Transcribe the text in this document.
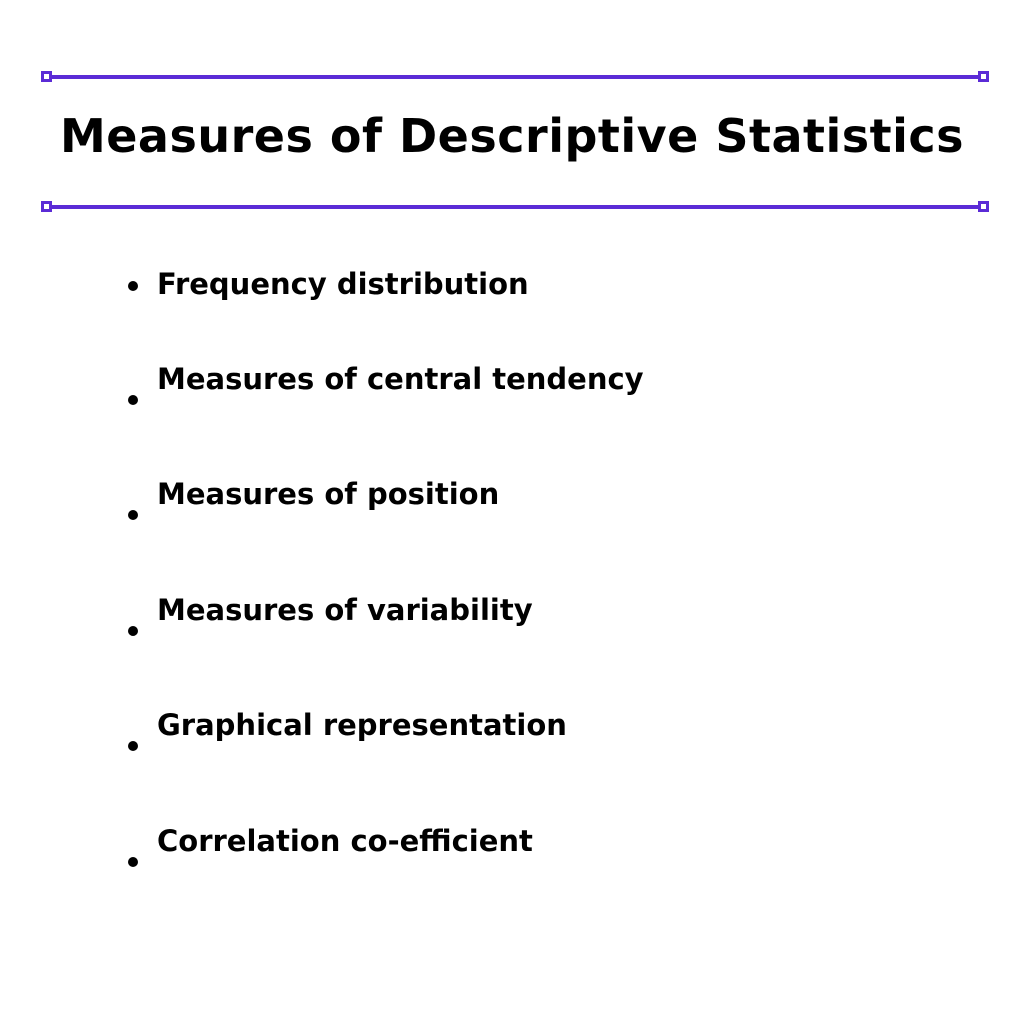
Measures of Descriptive Statistics
Frequency distribution
Measures of central tendency
Measures of position
Measures of variability
Graphical representation
Correlation co-efficient
